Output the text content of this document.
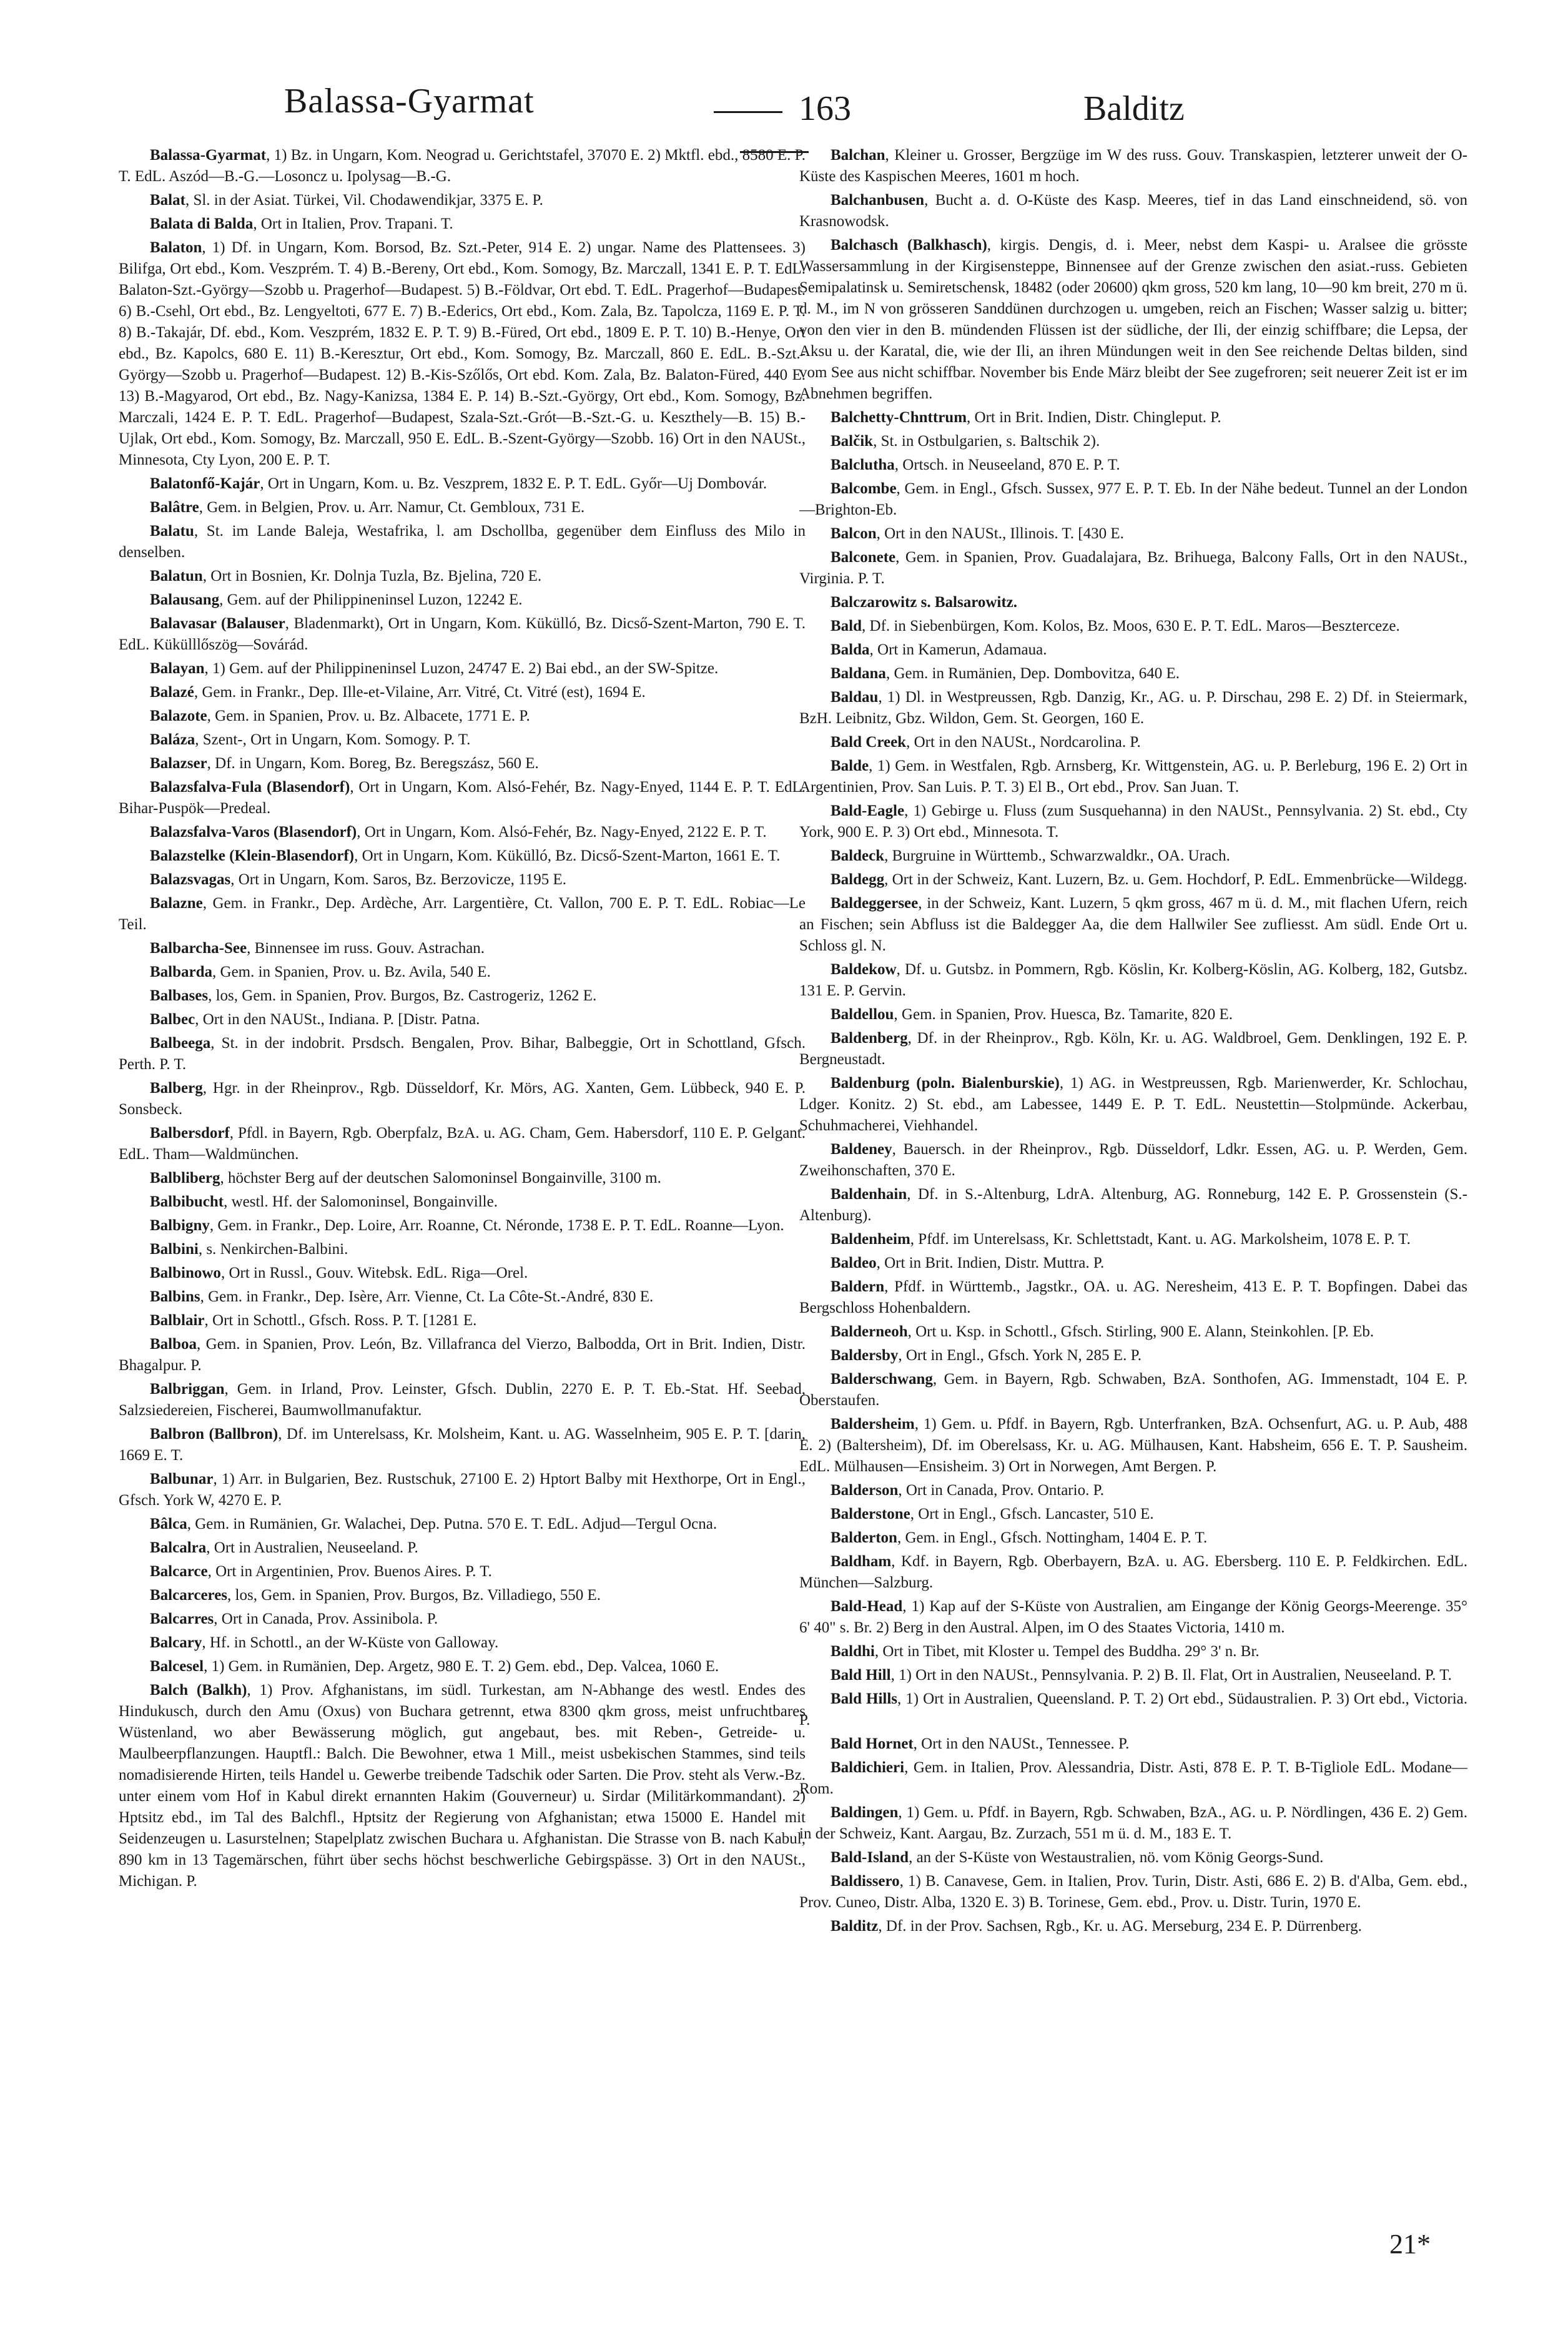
Balassa-Gyarmat	163	Balditz

Balassa-Gyarmat, 1) Bz. in Ungarn, Kom. Neograd u. Gerichtstafel, 37070 E. 2) Mktfl. ebd., 8580 E. P. T. EdL. Aszód—B.-G.—Losoncz u. Ipolysag—B.-G.

Balat, Sl. in der Asiat. Türkei, Vil. Chodawendikjar, 3375 E. P.

Balata di Balda, Ort in Italien, Prov. Trapani. T.

Balaton, 1) Df. in Ungarn, Kom. Borsod, Bz. Szt.-Peter, 914 E. 2) ungar. Name des Plattensees. 3) Bilifga, Ort ebd., Kom. Veszprém. T. 4) B.-Bereny, Ort ebd., Kom. Somogy, Bz. Marczall, 1341 E. P. T. EdL. Balaton-Szt.-György—Szobb u. Pragerhof—Budapest. 5) B.-Földvar, Ort ebd. T. EdL. Pragerhof—Budapest. 6) B.-Csehl, Ort ebd., Bz. Lengyeltoti, 677 E. 7) B.-Ederics, Ort ebd., Kom. Zala, Bz. Tapolcza, 1169 E. P. T. 8) B.-Takajár, Df. ebd., Kom. Veszprém, 1832 E. P. T. 9) B.-Füred, Ort ebd., 1809 E. P. T. 10) B.-Henye, Ort ebd., Bz. Kapolcs, 680 E. 11) B.-Keresztur, Ort ebd., Kom. Somogy, Bz. Marczall, 860 E. EdL. B.-Szt.-György—Szobb u. Pragerhof—Budapest. 12) B.-Kis-Szőlős, Ort ebd. Kom. Zala, Bz. Balaton-Füred, 440 E. 13) B.-Magyarod, Ort ebd., Bz. Nagy-Kanizsa, 1384 E. P. 14) B.-Szt.-György, Ort ebd., Kom. Somogy, Bz. Marczali, 1424 E. P. T. EdL. Pragerhof—Budapest, Szala-Szt.-Grót—B.-Szt.-G. u. Keszthely—B. 15) B.-Ujlak, Ort ebd., Kom. Somogy, Bz. Marczall, 950 E. EdL. B.-Szent-György—Szobb. 16) Ort in den NAUSt., Minnesota, Cty Lyon, 200 E. P. T.

Balatonfő-Kajár, Ort in Ungarn, Kom. u. Bz. Veszprem, 1832 E. P. T. EdL. Győr—Uj Dombovár.

Balâtre, Gem. in Belgien, Prov. u. Arr. Namur, Ct. Gembloux, 731 E.

Balatu, St. im Lande Baleja, Westafrika, l. am Dschollba, gegenüber dem Einfluss des Milo in denselben.

Balatun, Ort in Bosnien, Kr. Dolnja Tuzla, Bz. Bjelina, 720 E.

Balausang, Gem. auf der Philippineninsel Luzon, 12242 E.

Balavasar (Balauser, Bladenmarkt), Ort in Ungarn, Kom. Kükülló, Bz. Dicső-Szent-Marton, 790 E. T. EdL. Kükülllőszög—Sovárád.

Balayan, 1) Gem. auf der Philippineninsel Luzon, 24747 E. 2) Bai ebd., an der SW-Spitze.

Balazé, Gem. in Frankr., Dep. Ille-et-Vilaine, Arr. Vitré, Ct. Vitré (est), 1694 E.

Balazote, Gem. in Spanien, Prov. u. Bz. Albacete, 1771 E. P.

Baláza, Szent-, Ort in Ungarn, Kom. Somogy. P. T.

Balazser, Df. in Ungarn, Kom. Boreg, Bz. Beregszász, 560 E.

Balazsfalva-Fula (Blasendorf), Ort in Ungarn, Kom. Alsó-Fehér, Bz. Nagy-Enyed, 1144 E. P. T. EdL. Bihar-Puspök—Predeal.

Balazsfalva-Varos (Blasendorf), Ort in Ungarn, Kom. Alsó-Fehér, Bz. Nagy-Enyed, 2122 E. P. T.

Balazstelke (Klein-Blasendorf), Ort in Ungarn, Kom. Kükülló, Bz. Dicső-Szent-Marton, 1661 E. T.

Balazsvagas, Ort in Ungarn, Kom. Saros, Bz. Berzovicze, 1195 E.

Balazne, Gem. in Frankr., Dep. Ardèche, Arr. Largentière, Ct. Vallon, 700 E. P. T. EdL. Robiac—Le Teil.

Balbarcha-See, Binnensee im russ. Gouv. Astrachan.

Balbarda, Gem. in Spanien, Prov. u. Bz. Avila, 540 E.

Balbases, los, Gem. in Spanien, Prov. Burgos, Bz. Castrogeriz, 1262 E.

Balbec, Ort in den NAUSt., Indiana. P. [Distr. Patna.

Balbeega, St. in der indobrit. Prsdsch. Bengalen, Prov. Bihar, Balbeggie, Ort in Schottland, Gfsch. Perth. P. T.

Balberg, Hgr. in der Rheinprov., Rgb. Düsseldorf, Kr. Mörs, AG. Xanten, Gem. Lübbeck, 940 E. P. Sonsbeck.

Balbersdorf, Pfdl. in Bayern, Rgb. Oberpfalz, BzA. u. AG. Cham, Gem. Habersdorf, 110 E. P. Gelgant. EdL. Tham—Waldmünchen.

Balbliberg, höchster Berg auf der deutschen Salomoninsel Bongainville, 3100 m.

Balbibucht, westl. Hf. der Salomoninsel, Bongainville.

Balbigny, Gem. in Frankr., Dep. Loire, Arr. Roanne, Ct. Néronde, 1738 E. P. T. EdL. Roanne—Lyon.

Balbini, s. Nenkirchen-Balbini.

Balbinowo, Ort in Russl., Gouv. Witebsk. EdL. Riga—Orel.

Balbins, Gem. in Frankr., Dep. Isère, Arr. Vienne, Ct. La Côte-St.-André, 830 E.

Balblair, Ort in Schottl., Gfsch. Ross. P. T. [1281 E.

Balboa, Gem. in Spanien, Prov. León, Bz. Villafranca del Vierzo, Balbodda, Ort in Brit. Indien, Distr. Bhagalpur. P.

Balbriggan, Gem. in Irland, Prov. Leinster, Gfsch. Dublin, 2270 E. P. T. Eb.-Stat. Hf. Seebad, Salzsiedereien, Fischerei, Baumwollmanufaktur.

Balbron (Ballbron), Df. im Unterelsass, Kr. Molsheim, Kant. u. AG. Wasselnheim, 905 E. P. T. [darin, 1669 E. T.

Balbunar, 1) Arr. in Bulgarien, Bez. Rustschuk, 27100 E. 2) Hptort Balby mit Hexthorpe, Ort in Engl., Gfsch. York W, 4270 E. P.

Bâlca, Gem. in Rumänien, Gr. Walachei, Dep. Putna. 570 E. T. EdL. Adjud—Tergul Ocna.

Balcalra, Ort in Australien, Neuseeland. P.

Balcarce, Ort in Argentinien, Prov. Buenos Aires. P. T.

Balcarceres, los, Gem. in Spanien, Prov. Burgos, Bz. Villadiego, 550 E.

Balcarres, Ort in Canada, Prov. Assinibola. P.

Balcary, Hf. in Schottl., an der W-Küste von Galloway.

Balcesel, 1) Gem. in Rumänien, Dep. Argetz, 980 E. T. 2) Gem. ebd., Dep. Valcea, 1060 E.

Balch (Balkh), 1) Prov. Afghanistans, im südl. Turkestan, am N-Abhange des westl. Endes des Hindukusch, durch den Amu (Oxus) von Buchara getrennt, etwa 8300 qkm gross, meist unfruchtbares Wüstenland, wo aber Bewässerung möglich, gut angebaut, bes. mit Reben-, Getreide- u. Maulbeerpflanzungen. Hauptfl.: Balch. Die Bewohner, etwa 1 Mill., meist usbekischen Stammes, sind teils nomadisierende Hirten, teils Handel u. Gewerbe treibende Tadschik oder Sarten. Die Prov. steht als Verw.-Bz. unter einem vom Hof in Kabul direkt ernannten Hakim (Gouverneur) u. Sirdar (Militärkommandant). 2) Hptsitz ebd., im Tal des Balchfl., Hptsitz der Regierung von Afghanistan; etwa 15000 E. Handel mit Seidenzeugen u. Lasurstelnen; Stapelplatz zwischen Buchara u. Afghanistan. Die Strasse von B. nach Kabul, 890 km in 13 Tagemärschen, führt über sechs höchst beschwerliche Gebirgspässe. 3) Ort in den NAUSt., Michigan. P.

Balchan, Kleiner u. Grosser, Bergzüge im W des russ. Gouv. Transkaspien, letzterer unweit der O-Küste des Kaspischen Meeres, 1601 m hoch.

Balchanbusen, Bucht a. d. O-Küste des Kasp. Meeres, tief in das Land einschneidend, sö. von Krasnowodsk.

Balchasch (Balkhasch), kirgis. Dengis, d. i. Meer, nebst dem Kaspi- u. Aralsee die grösste Wassersammlung in der Kirgisensteppe, Binnensee auf der Grenze zwischen den asiat.-russ. Gebieten Semipalatinsk u. Semiretschensk, 18482 (oder 20600) qkm gross, 520 km lang, 10—90 km breit, 270 m ü. d. M., im N von grösseren Sanddünen durchzogen u. umgeben, reich an Fischen; Wasser salzig u. bitter; von den vier in den B. mündenden Flüssen ist der südliche, der Ili, der einzig schiffbare; die Lepsa, der Aksu u. der Karatal, die, wie der Ili, an ihren Mündungen weit in den See reichende Deltas bilden, sind vom See aus nicht schiffbar. November bis Ende März bleibt der See zugefroren; seit neuerer Zeit ist er im Abnehmen begriffen.

Balchetty-Chnttrum, Ort in Brit. Indien, Distr. Chingleput. P.

Balčik, St. in Ostbulgarien, s. Baltschik 2).

Balclutha, Ortsch. in Neuseeland, 870 E. P. T.

Balcombe, Gem. in Engl., Gfsch. Sussex, 977 E. P. T. Eb. In der Nähe bedeut. Tunnel an der London—Brighton-Eb.

Balcon, Ort in den NAUSt., Illinois. T. [430 E.

Balconete, Gem. in Spanien, Prov. Guadalajara, Bz. Brihuega, Balcony Falls, Ort in den NAUSt., Virginia. P. T.

Balczarowitz s. Balsarowitz.

Bald, Df. in Siebenbürgen, Kom. Kolos, Bz. Moos, 630 E. P. T. EdL. Maros—Beszterceze.

Balda, Ort in Kamerun, Adamaua.

Baldana, Gem. in Rumänien, Dep. Dombovitza, 640 E.

Baldau, 1) Dl. in Westpreussen, Rgb. Danzig, Kr., AG. u. P. Dirschau, 298 E. 2) Df. in Steiermark, BzH. Leibnitz, Gbz. Wildon, Gem. St. Georgen, 160 E.

Bald Creek, Ort in den NAUSt., Nordcarolina. P.

Balde, 1) Gem. in Westfalen, Rgb. Arnsberg, Kr. Wittgenstein, AG. u. P. Berleburg, 196 E. 2) Ort in Argentinien, Prov. San Luis. P. T. 3) El B., Ort ebd., Prov. San Juan. T.

Bald-Eagle, 1) Gebirge u. Fluss (zum Susquehanna) in den NAUSt., Pennsylvania. 2) St. ebd., Cty York, 900 E. P. 3) Ort ebd., Minnesota. T.

Baldeck, Burgruine in Württemb., Schwarzwaldkr., OA. Urach.

Baldegg, Ort in der Schweiz, Kant. Luzern, Bz. u. Gem. Hochdorf, P. EdL. Emmenbrücke—Wildegg.

Baldeggersee, in der Schweiz, Kant. Luzern, 5 qkm gross, 467 m ü. d. M., mit flachen Ufern, reich an Fischen; sein Abfluss ist die Baldegger Aa, die dem Hallwiler See zufliesst. Am südl. Ende Ort u. Schloss gl. N.

Baldekow, Df. u. Gutsbz. in Pommern, Rgb. Köslin, Kr. Kolberg-Köslin, AG. Kolberg, 182, Gutsbz. 131 E. P. Gervin.

Baldellou, Gem. in Spanien, Prov. Huesca, Bz. Tamarite, 820 E.

Baldenberg, Df. in der Rheinprov., Rgb. Köln, Kr. u. AG. Waldbroel, Gem. Denklingen, 192 E. P. Bergneustadt.

Baldenburg (poln. Bialenburskie), 1) AG. in Westpreussen, Rgb. Marienwerder, Kr. Schlochau, Ldger. Konitz. 2) St. ebd., am Labessee, 1449 E. P. T. EdL. Neustettin—Stolpmünde. Ackerbau, Schuhmacherei, Viehhandel.

Baldeney, Bauersch. in der Rheinprov., Rgb. Düsseldorf, Ldkr. Essen, AG. u. P. Werden, Gem. Zweihonschaften, 370 E.

Baldenhain, Df. in S.-Altenburg, LdrA. Altenburg, AG. Ronneburg, 142 E. P. Grossenstein (S.-Altenburg).

Baldenheim, Pfdf. im Unterelsass, Kr. Schlettstadt, Kant. u. AG. Markolsheim, 1078 E. P. T.

Baldeo, Ort in Brit. Indien, Distr. Muttra. P.

Baldern, Pfdf. in Württemb., Jagstkr., OA. u. AG. Neresheim, 413 E. P. T. Bopfingen. Dabei das Bergschloss Hohenbaldern.

Balderneoh, Ort u. Ksp. in Schottl., Gfsch. Stirling, 900 E. Alann, Steinkohlen. [P. Eb.

Baldersby, Ort in Engl., Gfsch. York N, 285 E. P.

Balderschwang, Gem. in Bayern, Rgb. Schwaben, BzA. Sonthofen, AG. Immenstadt, 104 E. P. Oberstaufen.

Baldersheim, 1) Gem. u. Pfdf. in Bayern, Rgb. Unterfranken, BzA. Ochsenfurt, AG. u. P. Aub, 488 E. 2) (Baltersheim), Df. im Oberelsass, Kr. u. AG. Mülhausen, Kant. Habsheim, 656 E. T. P. Sausheim. EdL. Mülhausen—Ensisheim. 3) Ort in Norwegen, Amt Bergen. P.

Balderson, Ort in Canada, Prov. Ontario. P.

Balderstone, Ort in Engl., Gfsch. Lancaster, 510 E.

Balderton, Gem. in Engl., Gfsch. Nottingham, 1404 E. P. T.

Baldham, Kdf. in Bayern, Rgb. Oberbayern, BzA. u. AG. Ebersberg. 110 E. P. Feldkirchen. EdL. München—Salzburg.

Bald-Head, 1) Kap auf der S-Küste von Australien, am Eingange der König Georgs-Meerenge. 35° 6' 40" s. Br. 2) Berg in den Austral. Alpen, im O des Staates Victoria, 1410 m.

Baldhi, Ort in Tibet, mit Kloster u. Tempel des Buddha. 29° 3' n. Br.

Bald Hill, 1) Ort in den NAUSt., Pennsylvania. P. 2) B. Il. Flat, Ort in Australien, Neuseeland. P. T.

Bald Hills, 1) Ort in Australien, Queensland. P. T. 2) Ort ebd., Südaustralien. P. 3) Ort ebd., Victoria. P.

Bald Hornet, Ort in den NAUSt., Tennessee. P.

Baldichieri, Gem. in Italien, Prov. Alessandria, Distr. Asti, 878 E. P. T. B-Tigliole EdL. Modane—Rom.

Baldingen, 1) Gem. u. Pfdf. in Bayern, Rgb. Schwaben, BzA., AG. u. P. Nördlingen, 436 E. 2) Gem. in der Schweiz, Kant. Aargau, Bz. Zurzach, 551 m ü. d. M., 183 E. T.

Bald-Island, an der S-Küste von Westaustralien, nö. vom König Georgs-Sund.

Baldissero, 1) B. Canavese, Gem. in Italien, Prov. Turin, Distr. Asti, 686 E. 2) B. d'Alba, Gem. ebd., Prov. Cuneo, Distr. Alba, 1320 E. 3) B. Torinese, Gem. ebd., Prov. u. Distr. Turin, 1970 E.

Balditz, Df. in der Prov. Sachsen, Rgb., Kr. u. AG. Merseburg, 234 E. P. Dürrenberg.

21*
